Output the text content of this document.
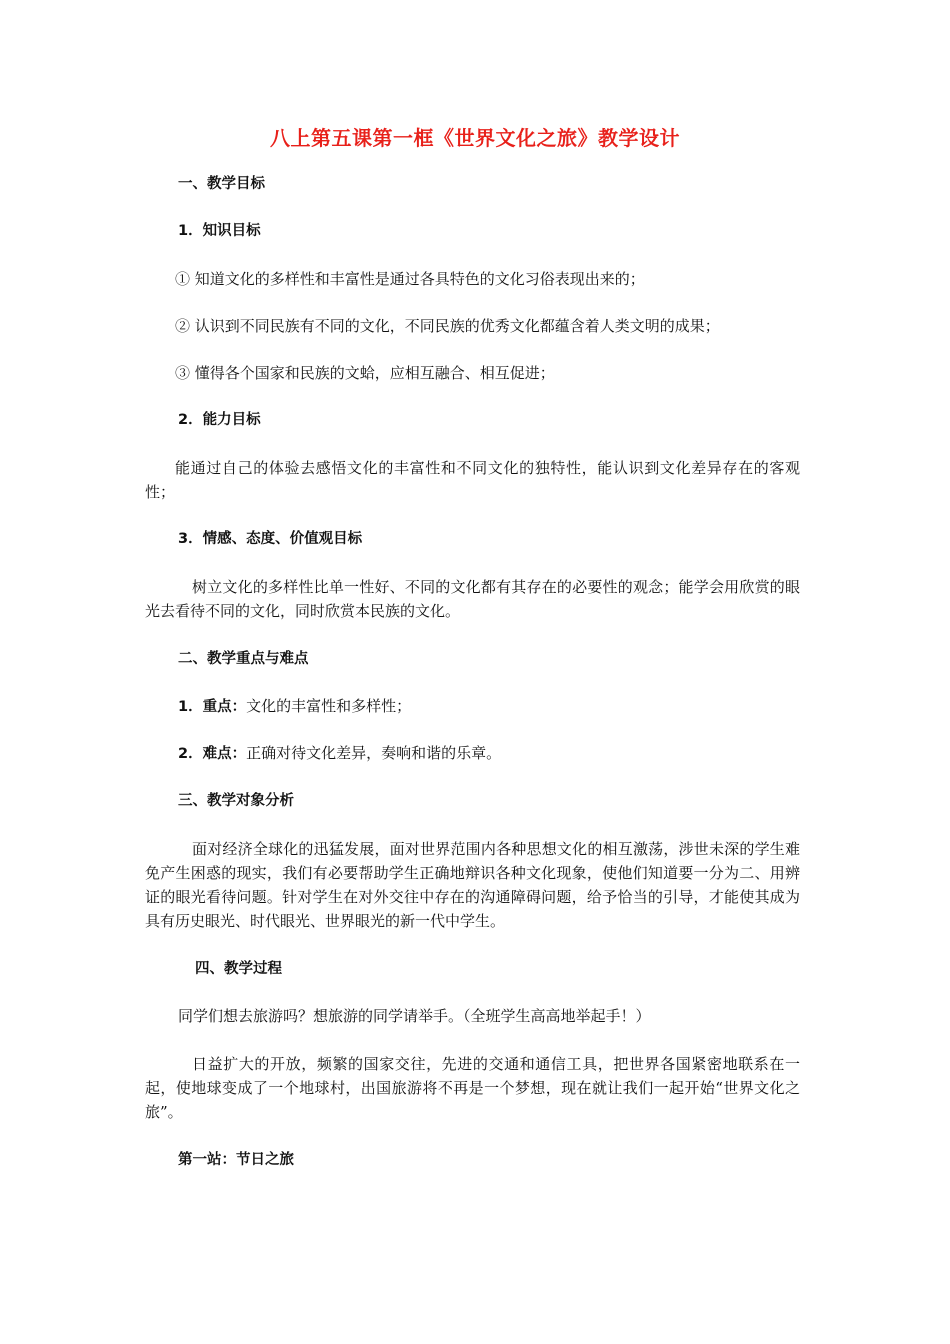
八上第五课第一框《世界文化之旅》教学设计
一、教学目标
1．知识目标
① 知道文化的多样性和丰富性是通过各具特色的文化习俗表现出来的；
② 认识到不同民族有不同的文化，不同民族的优秀文化都蕴含着人类文明的成果；
③ 懂得各个国家和民族的文蛤，应相互融合、相互促进；
2．能力目标
能通过自己的体验去感悟文化的丰富性和不同文化的独特性，能认识到文化差异存在的客观性；
3．情感、态度、价值观目标
树立文化的多样性比单一性好、不同的文化都有其存在的必要性的观念；能学会用欣赏的眼光去看待不同的文化，同时欣赏本民族的文化。
二、教学重点与难点
1．重点：文化的丰富性和多样性；
2．难点：正确对待文化差异，奏响和谐的乐章。
三、教学对象分析
面对经济全球化的迅猛发展，面对世界范围内各种思想文化的相互激荡，涉世未深的学生难免产生困惑的现实，我们有必要帮助学生正确地辩识各种文化现象，使他们知道要一分为二、用辨证的眼光看待问题。针对学生在对外交往中存在的沟通障碍问题，给予恰当的引导，才能使其成为具有历史眼光、时代眼光、世界眼光的新一代中学生。
四、教学过程
同学们想去旅游吗？想旅游的同学请举手。（全班学生高高地举起手！）
日益扩大的开放，频繁的国家交往，先进的交通和通信工具，把世界各国紧密地联系在一起，使地球变成了一个地球村，出国旅游将不再是一个梦想，现在就让我们一起开始“世界文化之旅”。
第一站：节日之旅
